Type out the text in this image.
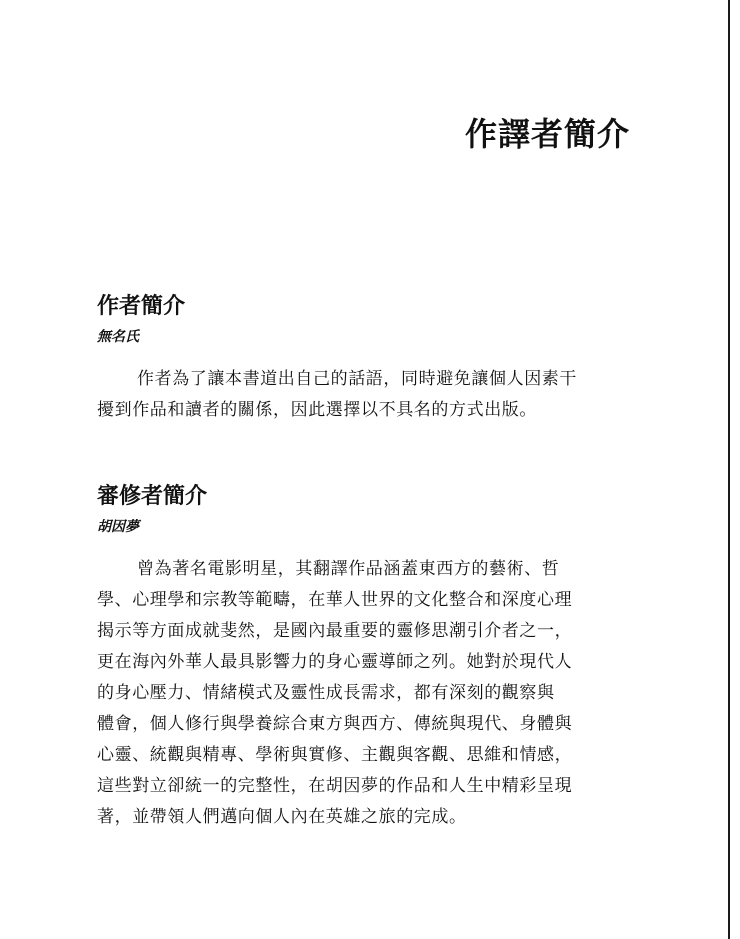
作譯者簡介
作者簡介
無名氏
作者為了讓本書道出自己的話語，同時避免讓個人因素干
擾到作品和讀者的關係，因此選擇以不具名的方式出版。
審修者簡介
胡因夢
曾為著名電影明星，其翻譯作品涵蓋東西方的藝術、哲
學、心理學和宗教等範疇，在華人世界的文化整合和深度心理
揭示等方面成就斐然，是國內最重要的靈修思潮引介者之一，
更在海內外華人最具影響力的身心靈導師之列。她對於現代人
的身心壓力、情緒模式及靈性成長需求，都有深刻的觀察與
體會，個人修行與學養綜合東方與西方、傳統與現代、身體與
心靈、統觀與精專、學術與實修、主觀與客觀、思維和情感，
這些對立卻統一的完整性，在胡因夢的作品和人生中精彩呈現
著，並帶領人們邁向個人內在英雄之旅的完成。
